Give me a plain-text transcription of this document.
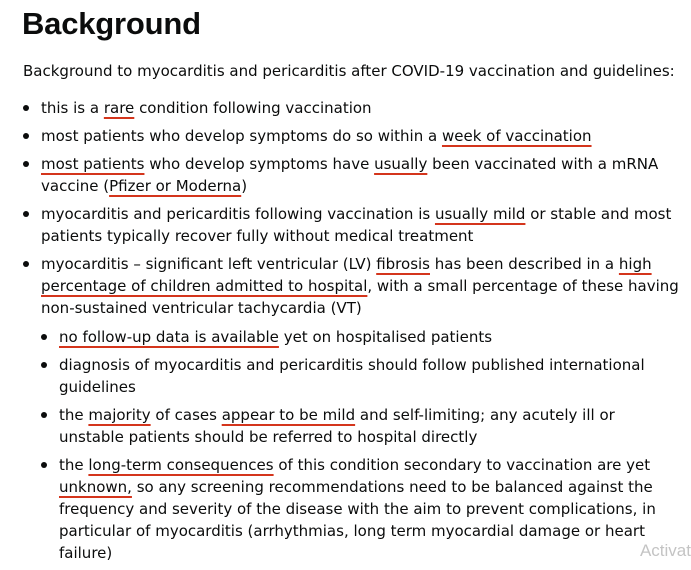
Background

Background to myocarditis and pericarditis after COVID-19 vaccination and guidelines:

this is a rare condition following vaccination
most patients who develop symptoms do so within a week of vaccination
most patients who develop symptoms have usually been vaccinated with a mRNA vaccine (Pfizer or Moderna)
myocarditis and pericarditis following vaccination is usually mild or stable and most patients typically recover fully without medical treatment
myocarditis – significant left ventricular (LV) fibrosis has been described in a high percentage of children admitted to hospital, with a small percentage of these having non-sustained ventricular tachycardia (VT)
no follow-up data is available yet on hospitalised patients
diagnosis of myocarditis and pericarditis should follow published international guidelines
the majority of cases appear to be mild and self-limiting; any acutely ill or unstable patients should be referred to hospital directly
the long-term consequences of this condition secondary to vaccination are yet unknown, so any screening recommendations need to be balanced against the frequency and severity of the disease with the aim to prevent complications, in particular of myocarditis (arrhythmias, long term myocardial damage or heart failure)	Activat
